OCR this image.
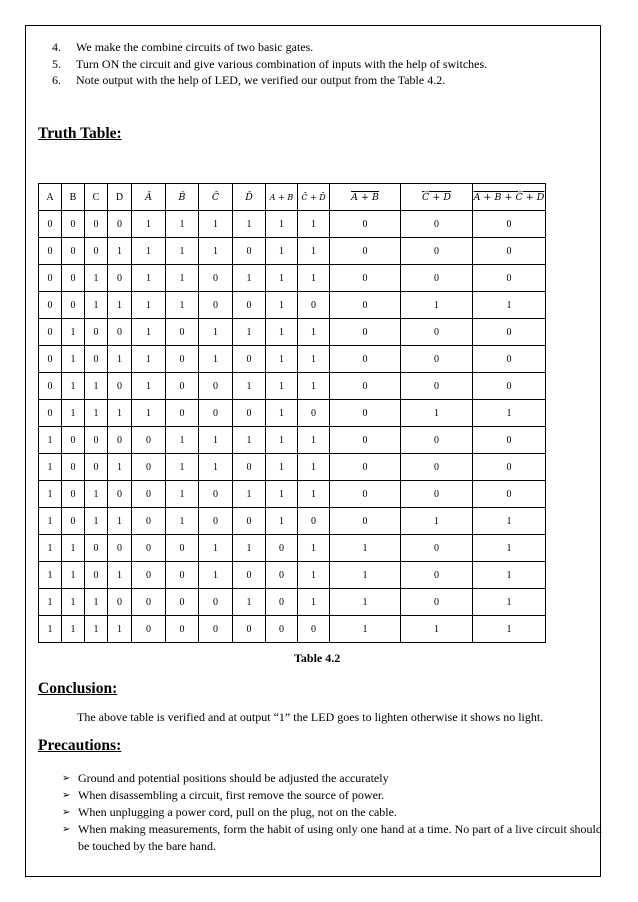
4.	We make the combine circuits of two basic gates.
5.	Turn ON the circuit and give various combination of inputs with the help of switches.
6.	Note output with the help of LED, we verified our output from the Table 4.2.
Truth Table:
A	B	C	D	Ā	B̄	C̄	D̄	A + B	C̄ + D̄	A + B	C̄ + D	A + B + C̄ + D
0	0	0	0	1	1	1	1	1	1	0	0	0
0	0	0	1	1	1	1	0	1	1	0	0	0
0	0	1	0	1	1	0	1	1	1	0	0	0
0	0	1	1	1	1	0	0	1	0	0	1	1
0	1	0	0	1	0	1	1	1	1	0	0	0
0	1	0	1	1	0	1	0	1	1	0	0	0
0	1	1	0	1	0	0	1	1	1	0	0	0
0	1	1	1	1	0	0	0	1	0	0	1	1
1	0	0	0	0	1	1	1	1	1	0	0	0
1	0	0	1	0	1	1	0	1	1	0	0	0
1	0	1	0	0	1	0	1	1	1	0	0	0
1	0	1	1	0	1	0	0	1	0	0	1	1
1	1	0	0	0	0	1	1	0	1	1	0	1
1	1	0	1	0	0	1	0	0	1	1	0	1
1	1	1	0	0	0	0	1	0	1	1	0	1
1	1	1	1	0	0	0	0	0	0	1	1	1
Table 4.2
Conclusion:

The above table is verified and at output “1” the LED goes to lighten otherwise it shows no light.

Precautions:
➢ Ground and potential positions should be adjusted the accurately
➢ When disassembling a circuit, first remove the source of power.
➢ When unplugging a power cord, pull on the plug, not on the cable.
➢ When making measurements, form the habit of using only one hand at a time. No part of a live circuit should be touched by the bare hand.
